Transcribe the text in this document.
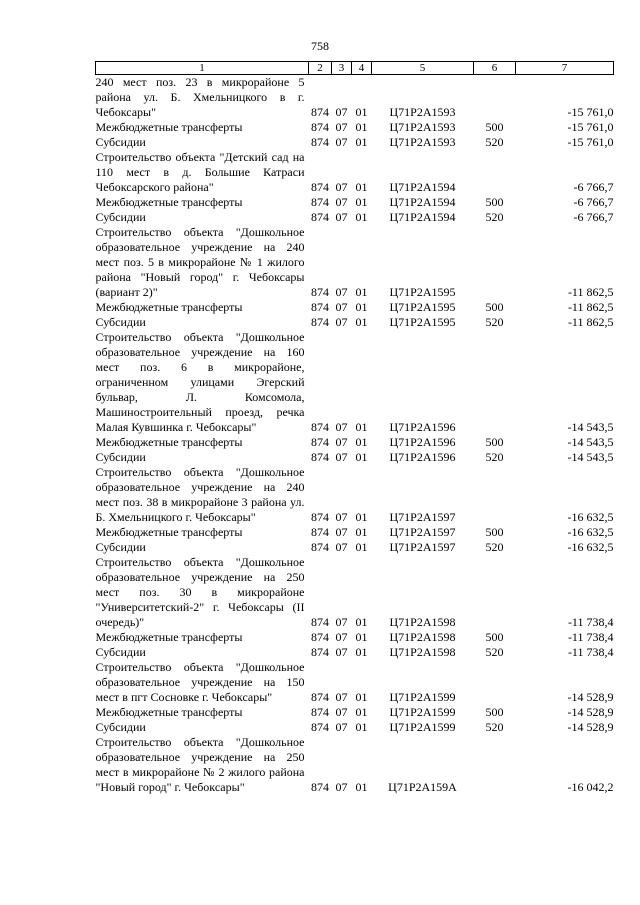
758
1	2	3	4	5	6	7
240 мест поз. 23 в микрорайоне 5 района ул. Б. Хмельницкого в г. Чебоксары"	874	07	01	Ц71Р2А1593		-15 761,0
Межбюджетные трансферты	874	07	01	Ц71Р2А1593	500	-15 761,0
Субсидии	874	07	01	Ц71Р2А1593	520	-15 761,0
Строительство объекта "Детский сад на 110 мест в д. Большие Катраси Чебоксарского района"	874	07	01	Ц71Р2А1594		-6 766,7
Межбюджетные трансферты	874	07	01	Ц71Р2А1594	500	-6 766,7
Субсидии	874	07	01	Ц71Р2А1594	520	-6 766,7
Строительство объекта "Дошкольное образовательное учреждение на 240 мест поз. 5 в микрорайоне № 1 жилого района "Новый город" г. Чебоксары (вариант 2)"	874	07	01	Ц71Р2А1595		-11 862,5
Межбюджетные трансферты	874	07	01	Ц71Р2А1595	500	-11 862,5
Субсидии	874	07	01	Ц71Р2А1595	520	-11 862,5
Строительство объекта "Дошкольное образовательное учреждение на 160 мест поз. 6 в микрорайоне, ограниченном улицами Эгерский бульвар, Л. Комсомола, Машиностроительный проезд, речка Малая Кувшинка г. Чебоксары"	874	07	01	Ц71Р2А1596		-14 543,5
Межбюджетные трансферты	874	07	01	Ц71Р2А1596	500	-14 543,5
Субсидии	874	07	01	Ц71Р2А1596	520	-14 543,5
Строительство объекта "Дошкольное образовательное учреждение на 240 мест поз. 38 в микрорайоне 3 района ул. Б. Хмельницкого г. Чебоксары"	874	07	01	Ц71Р2А1597		-16 632,5
Межбюджетные трансферты	874	07	01	Ц71Р2А1597	500	-16 632,5
Субсидии	874	07	01	Ц71Р2А1597	520	-16 632,5
Строительство объекта "Дошкольное образовательное учреждение на 250 мест поз. 30 в микрорайоне "Университетский-2" г. Чебоксары (II очередь)"	874	07	01	Ц71Р2А1598		-11 738,4
Межбюджетные трансферты	874	07	01	Ц71Р2А1598	500	-11 738,4
Субсидии	874	07	01	Ц71Р2А1598	520	-11 738,4
Строительство объекта "Дошкольное образовательное учреждение на 150 мест в пгт Сосновке г. Чебоксары"	874	07	01	Ц71Р2А1599		-14 528,9
Межбюджетные трансферты	874	07	01	Ц71Р2А1599	500	-14 528,9
Субсидии	874	07	01	Ц71Р2А1599	520	-14 528,9
Строительство объекта "Дошкольное образовательное учреждение на 250 мест в микрорайоне № 2 жилого района "Новый город" г. Чебоксары"	874	07	01	Ц71Р2А159А		-16 042,2
